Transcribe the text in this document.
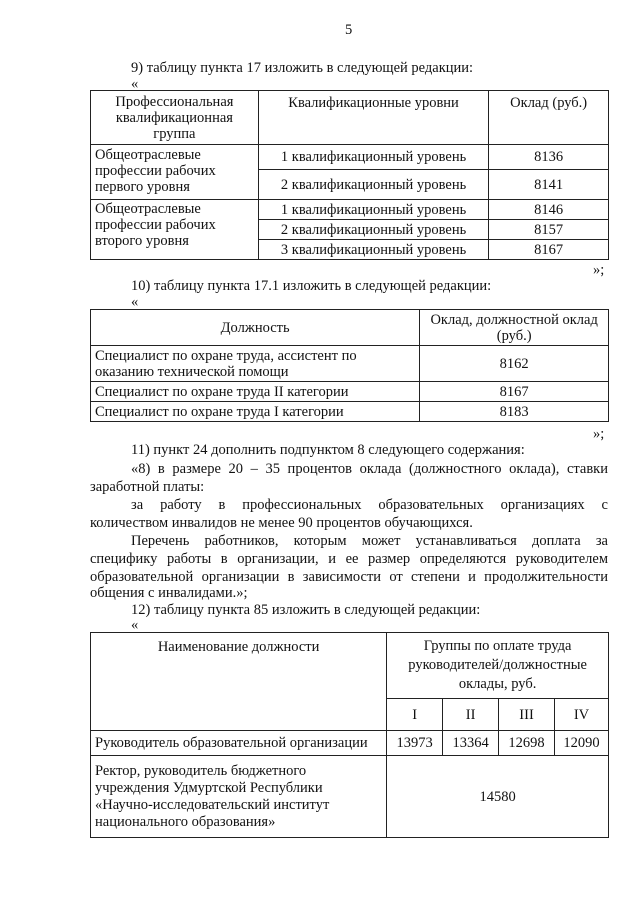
5
9) таблицу пункта 17 изложить в следующей редакции:
«
Профессиональная квалификационная группа	Квалификационные уровни	Оклад (руб.)
Общеотраслевые профессии рабочих первого уровня	1 квалификационный уровень	8136
	2 квалификационный уровень	8141
Общеотраслевые профессии рабочих второго уровня	1 квалификационный уровень	8146
	2 квалификационный уровень	8157
	3 квалификационный уровень	8167
»;
10) таблицу пункта 17.1 изложить в следующей редакции:
«
Должность	Оклад, должностной оклад (руб.)
Специалист по охране труда, ассистент по оказанию технической помощи	8162
Специалист по охране труда II категории	8167
Специалист по охране труда I категории	8183
»;
11) пункт 24 дополнить подпунктом 8 следующего содержания:
«8) в размере 20 – 35 процентов оклада (должностного оклада), ставки
заработной платы:
за работу в профессиональных образовательных организациях с
количеством инвалидов не менее 90 процентов обучающихся.
Перечень работников, которым может устанавливаться доплата за
специфику работы в организации, и ее размер определяются руководителем
образовательной организации в зависимости от степени и продолжительности
общения с инвалидами.»;
12) таблицу пункта 85 изложить в следующей редакции:
«
Наименование должности	Группы по оплате труда руководителей/должностные оклады, руб.			
	I	II	III	IV
Руководитель образовательной организации	13973	13364	12698	12090
Ректор, руководитель бюджетного учреждения Удмуртской Республики «Научно-исследовательский институт национального образования»	14580			
